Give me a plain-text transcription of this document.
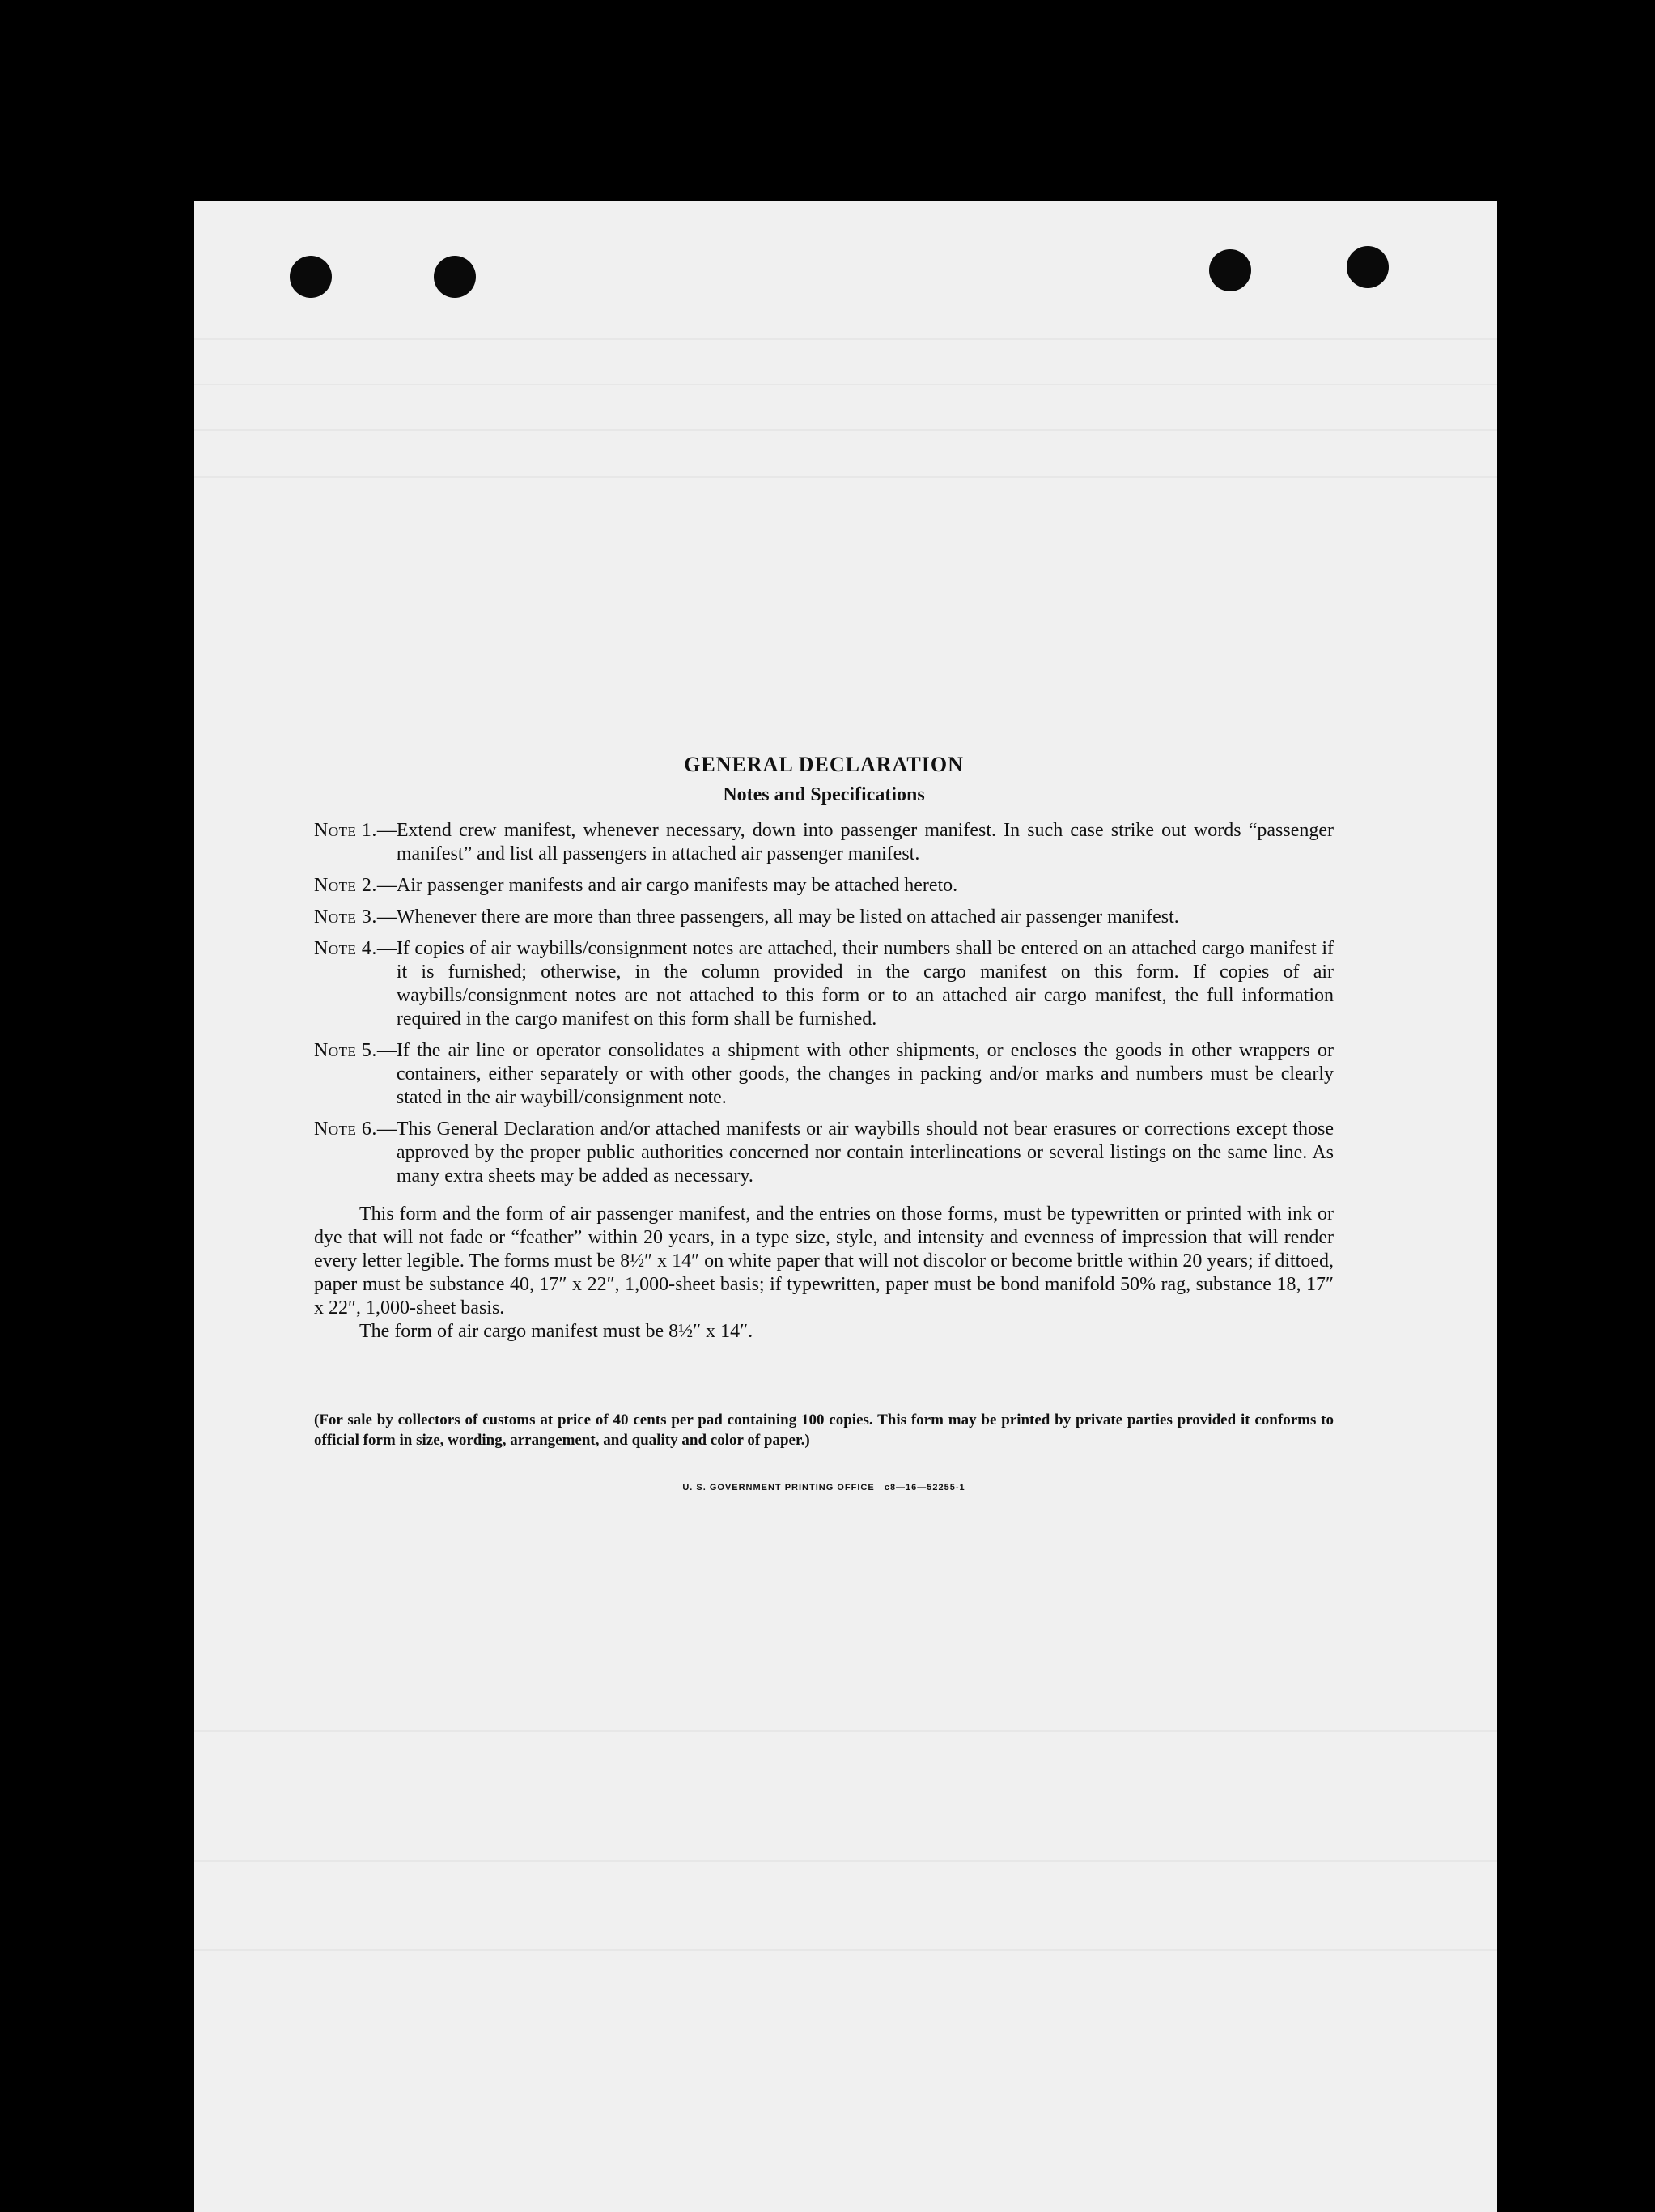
GENERAL DECLARATION
Notes and Specifications
Note 1.— Extend crew manifest, whenever necessary, down into passenger manifest. In such case strike out words “passenger manifest” and list all passengers in attached air passenger manifest.
Note 2.— Air passenger manifests and air cargo manifests may be attached hereto.
Note 3.— Whenever there are more than three passengers, all may be listed on attached air passenger manifest.
Note 4.— If copies of air waybills/consignment notes are attached, their numbers shall be entered on an attached cargo manifest if it is furnished; otherwise, in the column provided in the cargo manifest on this form. If copies of air waybills/consignment notes are not attached to this form or to an attached air cargo manifest, the full information required in the cargo manifest on this form shall be furnished.
Note 5.— If the air line or operator consolidates a shipment with other shipments, or encloses the goods in other wrappers or containers, either separately or with other goods, the changes in packing and/or marks and numbers must be clearly stated in the air waybill/consignment note.
Note 6.— This General Declaration and/or attached manifests or air waybills should not bear erasures or corrections except those approved by the proper public authorities concerned nor contain interlineations or several listings on the same line. As many extra sheets may be added as necessary.

This form and the form of air passenger manifest, and the entries on those forms, must be typewritten or printed with ink or dye that will not fade or “feather” within 20 years, in a type size, style, and intensity and evenness of impression that will render every letter legible. The forms must be 8½″ x 14″ on white paper that will not discolor or become brittle within 20 years; if dittoed, paper must be substance 40, 17″ x 22″, 1,000-sheet basis; if typewritten, paper must be bond manifold 50% rag, substance 18, 17″ x 22″, 1,000-sheet basis.

The form of air cargo manifest must be 8½″ x 14″.

(For sale by collectors of customs at price of 40 cents per pad containing 100 copies. This form may be printed by private parties provided it conforms to official form in size, wording, arrangement, and quality and color of paper.)
U. S. GOVERNMENT PRINTING OFFICE   c8—16—52255-1
